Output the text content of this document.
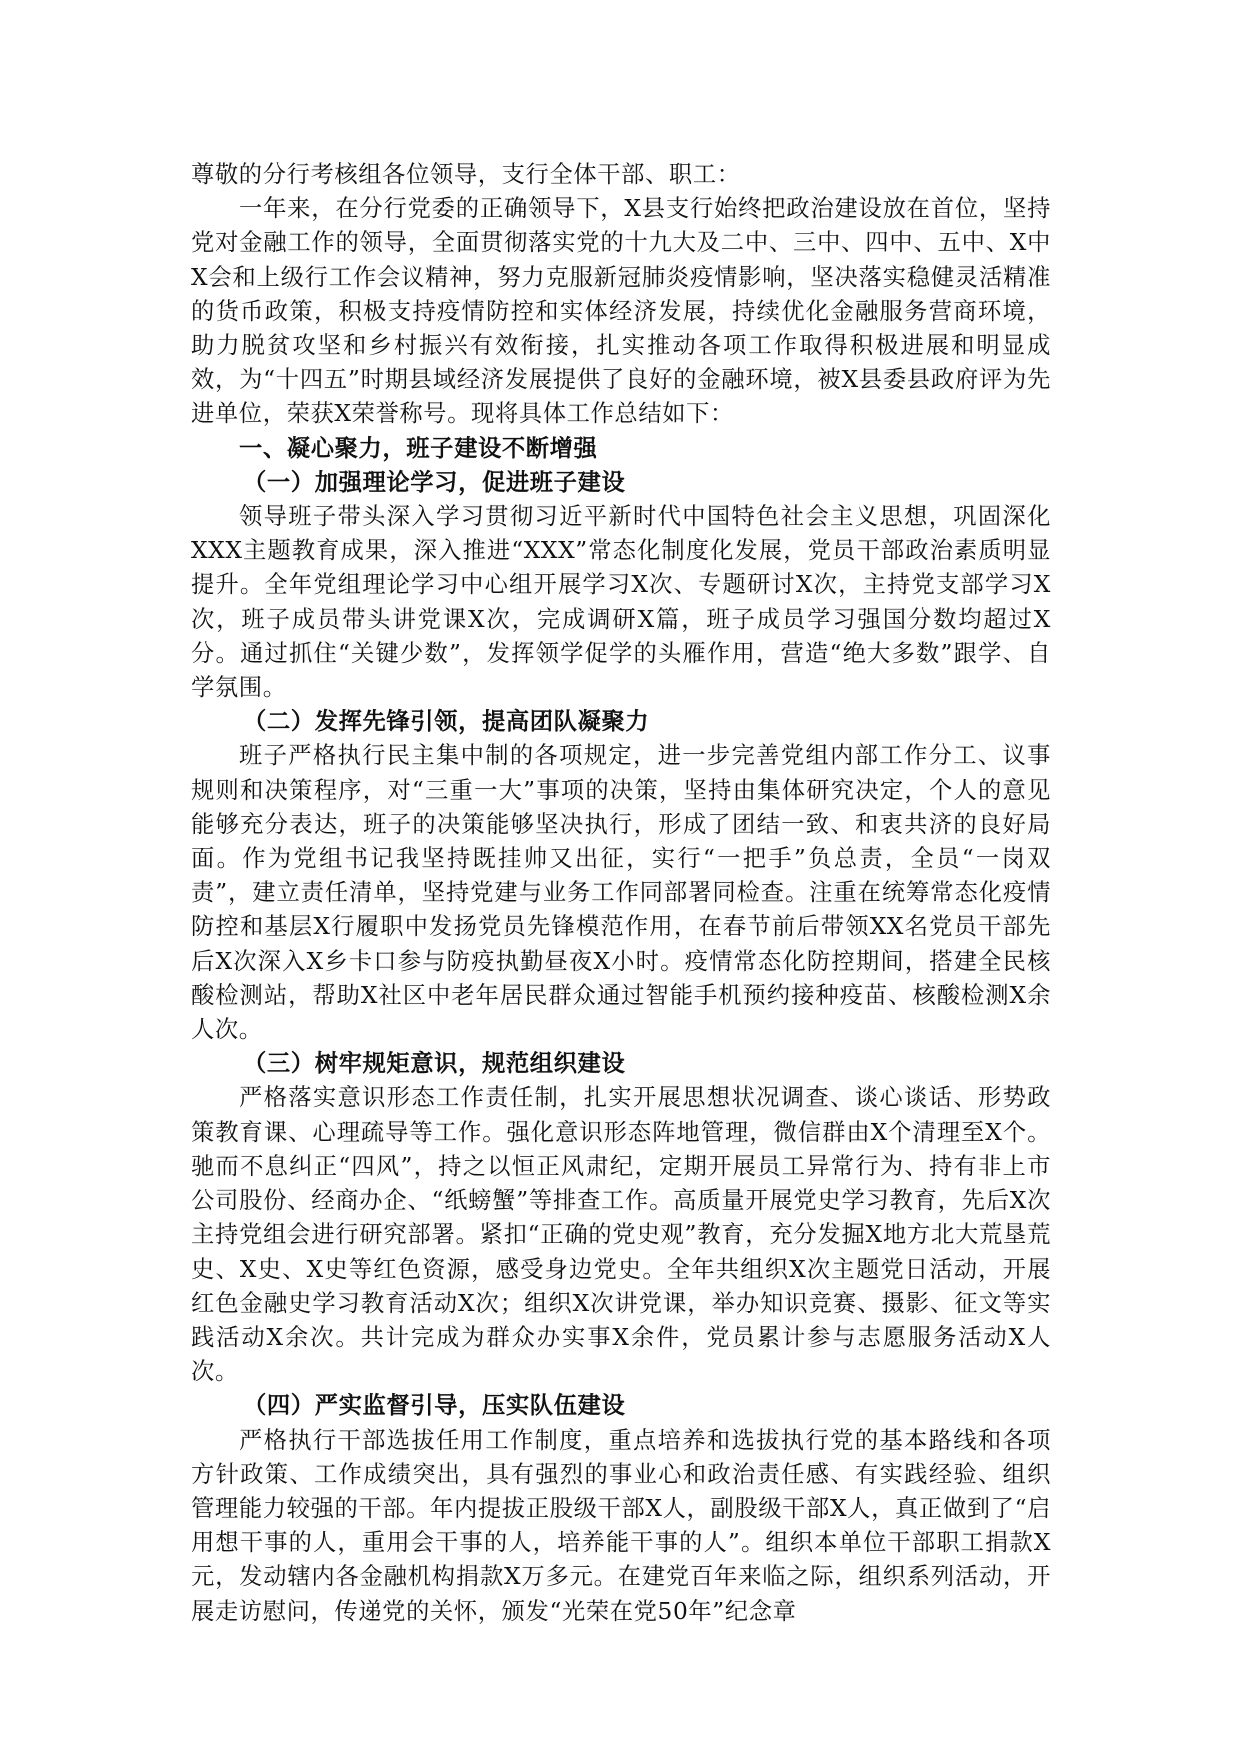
尊敬的分行考核组各位领导，支行全体干部、职工：

一年来，在分行党委的正确领导下，X县支行始终把政治建设放在首位，坚持党对金融工作的领导，全面贯彻落实党的十九大及二中、三中、四中、五中、X中X会和上级行工作会议精神，努力克服新冠肺炎疫情影响，坚决落实稳健灵活精准的货币政策，积极支持疫情防控和实体经济发展，持续优化金融服务营商环境，助力脱贫攻坚和乡村振兴有效衔接，扎实推动各项工作取得积极进展和明显成效，为“十四五”时期县域经济发展提供了良好的金融环境，被X县委县政府评为先进单位，荣获X荣誉称号。现将具体工作总结如下：

一、凝心聚力，班子建设不断增强

（一）加强理论学习，促进班子建设

领导班子带头深入学习贯彻习近平新时代中国特色社会主义思想，巩固深化XXX主题教育成果，深入推进“XXX”常态化制度化发展，党员干部政治素质明显提升。全年党组理论学习中心组开展学习X次、专题研讨X次，主持党支部学习X次，班子成员带头讲党课X次，完成调研X篇，班子成员学习强国分数均超过X分。通过抓住“关键少数”，发挥领学促学的头雁作用，营造“绝大多数”跟学、自学氛围。

（二）发挥先锋引领，提高团队凝聚力

班子严格执行民主集中制的各项规定，进一步完善党组内部工作分工、议事规则和决策程序，对“三重一大”事项的决策，坚持由集体研究决定，个人的意见能够充分表达，班子的决策能够坚决执行，形成了团结一致、和衷共济的良好局面。作为党组书记我坚持既挂帅又出征，实行“一把手”负总责，全员“一岗双责”，建立责任清单，坚持党建与业务工作同部署同检查。注重在统筹常态化疫情防控和基层X行履职中发扬党员先锋模范作用，在春节前后带领XX名党员干部先后X次深入X乡卡口参与防疫执勤昼夜X小时。疫情常态化防控期间，搭建全民核酸检测站，帮助X社区中老年居民群众通过智能手机预约接种疫苗、核酸检测X余人次。

（三）树牢规矩意识，规范组织建设

严格落实意识形态工作责任制，扎实开展思想状况调查、谈心谈话、形势政策教育课、心理疏导等工作。强化意识形态阵地管理，微信群由X个清理至X个。驰而不息纠正“四风”，持之以恒正风肃纪，定期开展员工异常行为、持有非上市公司股份、经商办企、“纸螃蟹”等排查工作。高质量开展党史学习教育，先后X次主持党组会进行研究部署。紧扣“正确的党史观”教育，充分发掘X地方北大荒垦荒史、X史、X史等红色资源，感受身边党史。全年共组织X次主题党日活动，开展红色金融史学习教育活动X次；组织X次讲党课，举办知识竞赛、摄影、征文等实践活动X余次。共计完成为群众办实事X余件，党员累计参与志愿服务活动X人次。

（四）严实监督引导，压实队伍建设

严格执行干部选拔任用工作制度，重点培养和选拔执行党的基本路线和各项方针政策、工作成绩突出，具有强烈的事业心和政治责任感、有实践经验、组织管理能力较强的干部。年内提拔正股级干部X人，副股级干部X人，真正做到了“启用想干事的人，重用会干事的人，培养能干事的人”。组织本单位干部职工捐款X元，发动辖内各金融机构捐款X万多元。在建党百年来临之际，组织系列活动，开展走访慰问，传递党的关怀，颁发“光荣在党50年”纪念章
